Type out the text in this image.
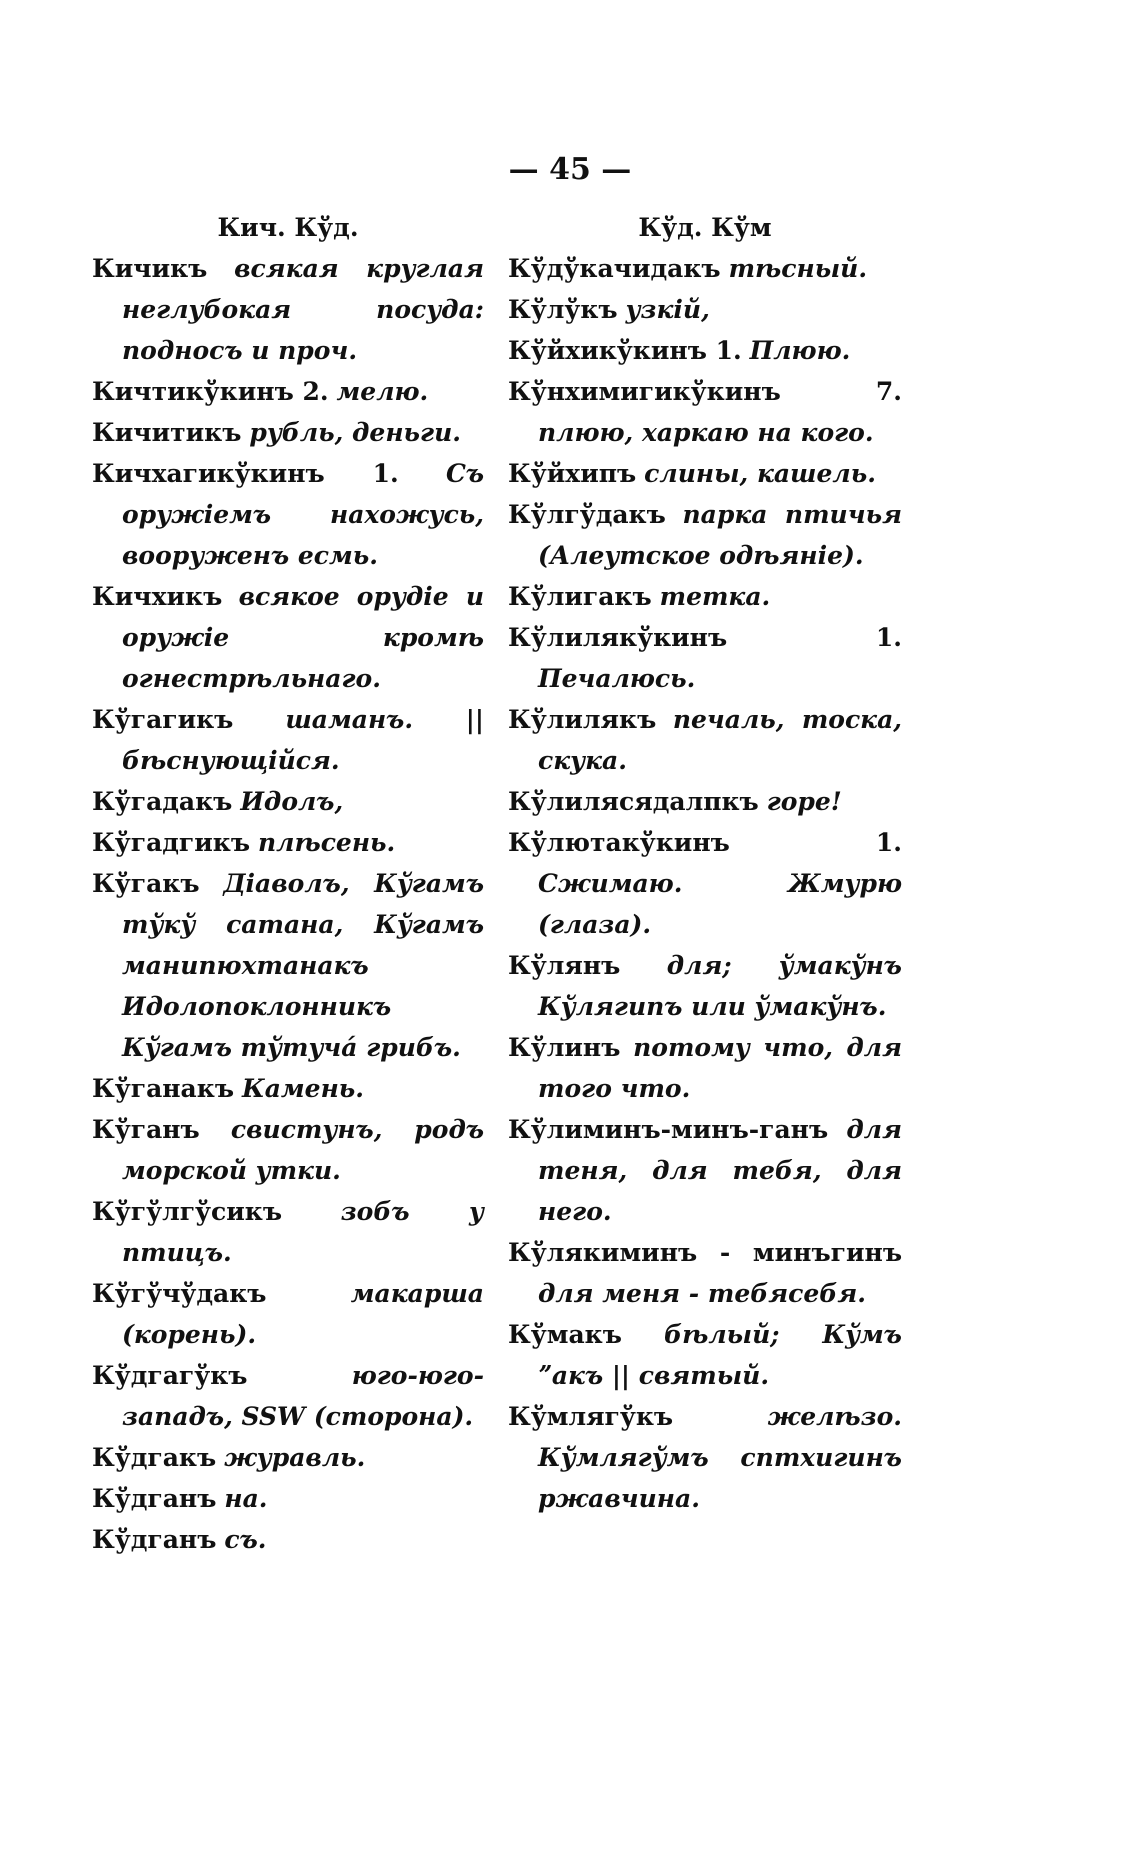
— 45 —
Кич. Кўд.
Кичикъ всякая круглая неглубокая посуда: подносъ и проч.
Кичтикўкинъ 2. мелю.
Кичитикъ рубль, деньги.
Кичхагикўкинъ 1. Съ оружіемъ нахожусь, вооруженъ есмь.
Кичхикъ всякое орудіе и оружіе кромѣ огнестрѣльнаго.
Кўгагикъ шаманъ. || бѣснующійся.
Кўгадакъ Идолъ,
Кўгадгикъ плѣсень.
Кўгакъ Діаволъ, Кўгамъ тўкў сатана, Кўгамъ манипюхтанакъ Идолопоклонникъ Кўгамъ тўтучá грибъ.
Кўганакъ Камень.
Кўганъ свистунъ, родъ морской утки.
Кўгўлгўсикъ зобъ у птицъ.
Кўгўчўдакъ	макарша (корень).
Кўдгагўкъ	юго-юго-западъ, SSW (сторона).
Кўдгакъ журавль.
Кўдганъ на.
Кўдганъ съ.
Кўд. Кўм
Кўдўкачидакъ тѣсный.
Кўлўкъ узкій,
Кўйхикўкинъ 1. Плюю.
Кўнхимигикўкинъ 7. плюю, харкаю на кого.
Кўйхипъ слины, кашель.
Кўлгўдакъ парка птичья (Алеутское одѣяніе).
Кўлигакъ тетка.
Кўлилякўкинъ 1. Печалюсь.
Кўлилякъ печаль, тоска, скука.
Кўлилясядалпкъ горе!
Кўлютакўкинъ 1. Сжимаю. Жмурю (глаза).
Кўлянъ для; ўмакўнъ Кўлягипъ или ўмакўнъ.
Кўлинъ потому что, для того что.
Кўлиминъ-минъ-ганъ для теня, для тебя, для него.
Кўлякиминъ - минъгинъ для меня - тебясебя.
Кўмакъ бѣлый; Кўмъ ˮакъ || святый.
Кўмлягўкъ	желѣзо. Кўмлягўмъ сптхигинъ ржавчина.
